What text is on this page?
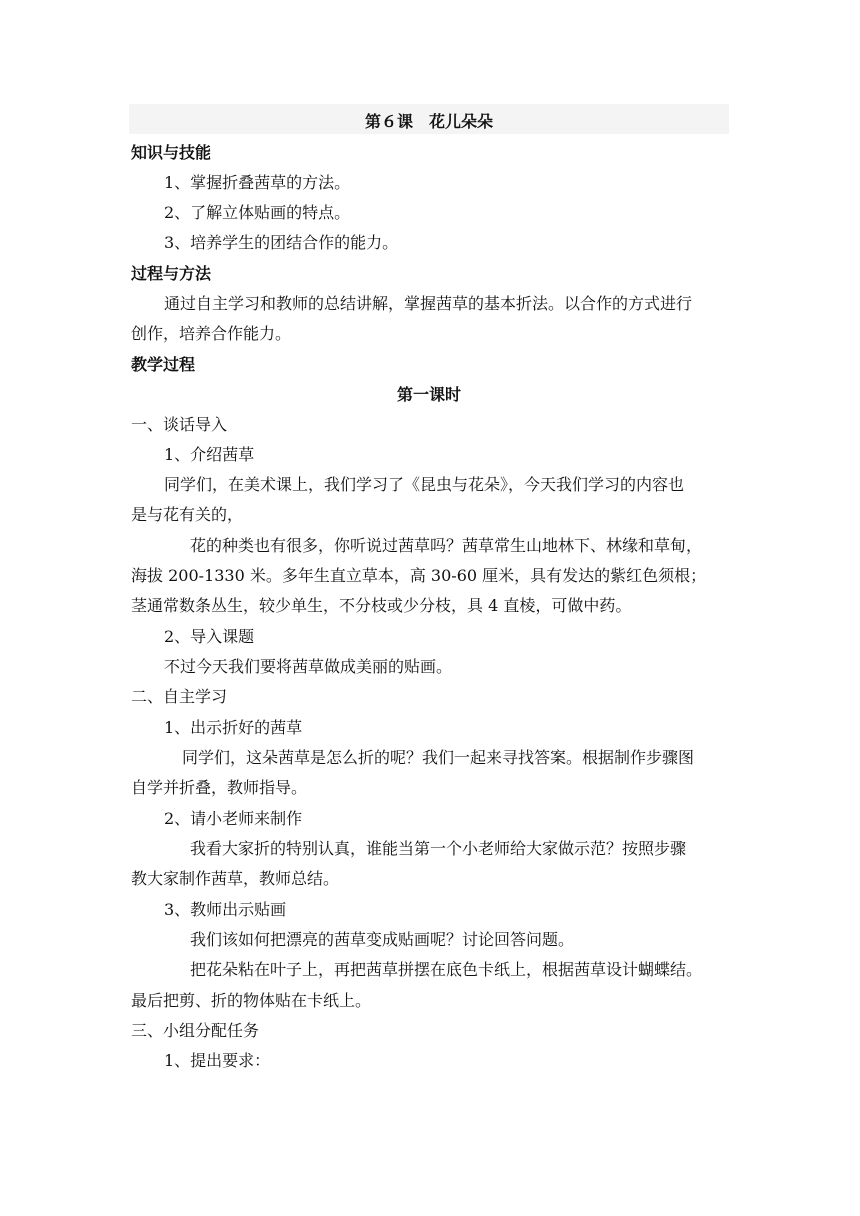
第６课　花儿朵朵
知识与技能
1、掌握折叠茜草的方法。
2、了解立体贴画的特点。
3、培养学生的团结合作的能力。
过程与方法
通过自主学习和教师的总结讲解，掌握茜草的基本折法。以合作的方式进行
创作，培养合作能力。
教学过程
第一课时
一、谈话导入
1、介绍茜草
同学们，在美术课上，我们学习了《昆虫与花朵》，今天我们学习的内容也
是与花有关的，
花的种类也有很多，你听说过茜草吗？茜草常生山地林下、林缘和草甸，
海拔 200-1330 米。多年生直立草本，高 30-60 厘米，具有发达的紫红色须根；
茎通常数条丛生，较少单生，不分枝或少分枝，具 4 直棱，可做中药。
2、导入课题
不过今天我们要将茜草做成美丽的贴画。
二、自主学习
1、出示折好的茜草
同学们，这朵茜草是怎么折的呢？我们一起来寻找答案。根据制作步骤图
自学并折叠，教师指导。
2、请小老师来制作
我看大家折的特别认真，谁能当第一个小老师给大家做示范？按照步骤
教大家制作茜草，教师总结。
3、教师出示贴画
我们该如何把漂亮的茜草变成贴画呢？讨论回答问题。
把花朵粘在叶子上，再把茜草拼摆在底色卡纸上，根据茜草设计蝴蝶结。
最后把剪、折的物体贴在卡纸上。
三、小组分配任务
1、提出要求：
